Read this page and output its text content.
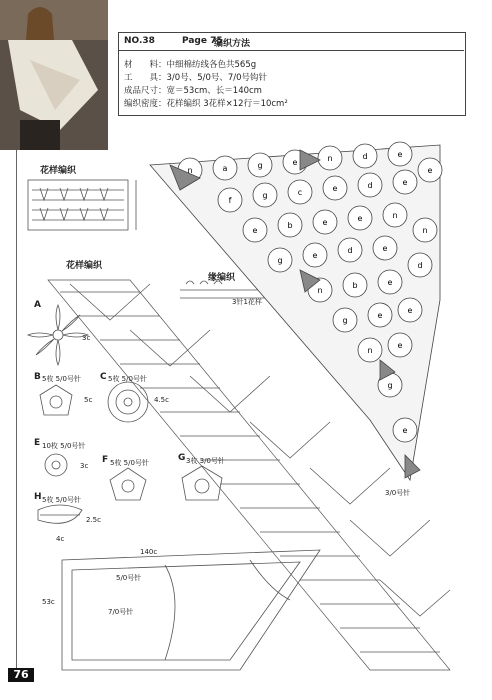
NO.38	Page 75
编织方法
材　　料：中细棉纺线各色共565g
工　　具：3/0号、5/0号、7/0号钩针
成品尺寸：宽＝53cm、长＝140cm
编织密度：花样编织 3花样×12行＝10cm²
花样编织
花样编织
缘编织
3针1花样
3/0号针
A
B 5枚 5/0号针 C 5枚 5/0号针
E 10枚 5/0号针
F 5枚 5/0号针	G 3枚 3/0号针
H 5枚 5/0号针
3c
5c	4.5c
3c
2.5c
4c
53c
140c
7/0号针
5/0号针
76
n	a	g	e	n	d	e
e
f
g	c	e	d	e
e
b	e	e	n
n
g
e
d	e
d
n
b	e
g
e
e
n
e
g
e
